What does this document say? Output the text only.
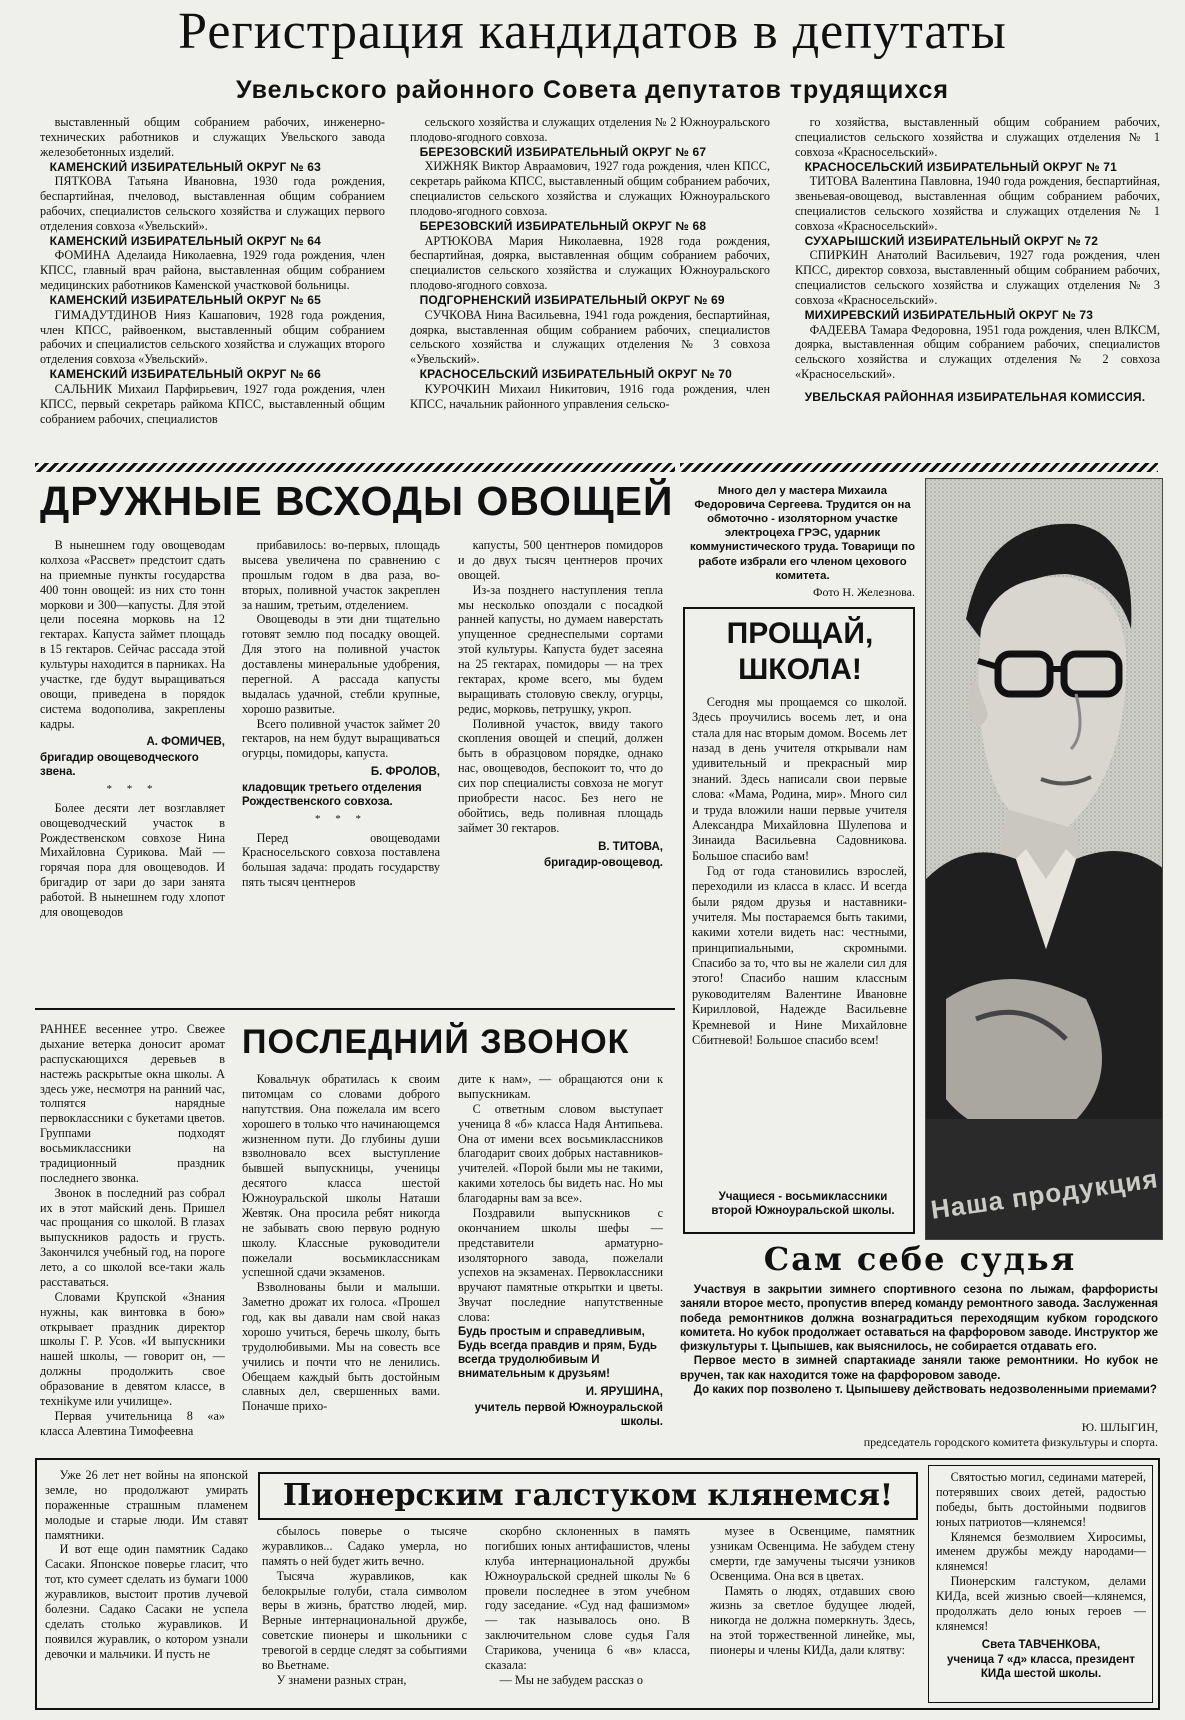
Регистрация кандидатов в депутаты
Увельского районного Совета депутатов трудящихся

выставленный общим собранием рабочих, инженерно-технических работников и служащих Увельского завода железобетонных изделий.

КАМЕНСКИЙ ИЗБИРАТЕЛЬНЫЙ ОКРУГ № 63

ПЯТКОВА Татьяна Ивановна, 1930 года рождения, беспартийная, пчеловод, выставленная общим собранием рабочих, специалистов сельского хозяйства и служащих первого отделения совхоза «Увельский».

КАМЕНСКИЙ ИЗБИРАТЕЛЬНЫЙ ОКРУГ № 64

ФОМИНА Аделаида Николаевна, 1929 года рождения, член КПСС, главный врач района, выставленная общим собранием медицинских работников Каменской участковой больницы.

КАМЕНСКИЙ ИЗБИРАТЕЛЬНЫЙ ОКРУГ № 65

ГИМАДУТДИНОВ Нияз Кашапович, 1928 года рождения, член КПСС, райвоенком, выставленный общим собранием рабочих и специалистов сельского хозяйства и служащих второго отделения совхоза «Увельский».

КАМЕНСКИЙ ИЗБИРАТЕЛЬНЫЙ ОКРУГ № 66

САЛЬНИК Михаил Парфирьевич, 1927 года рождения, член КПСС, первый секретарь райкома КПСС, выставленный общим собранием рабочих, специалистов

сельского хозяйства и служащих отделения № 2 Южноуральского плодово-ягодного совхоза.

БЕРЕЗОВСКИЙ ИЗБИРАТЕЛЬНЫЙ ОКРУГ № 67

ХИЖНЯК Виктор Авраамович, 1927 года рождения, член КПСС, секретарь райкома КПСС, выставленный общим собранием рабочих, специалистов сельского хозяйства и служащих Южноуральского плодово-ягодного совхоза.

БЕРЕЗОВСКИЙ ИЗБИРАТЕЛЬНЫЙ ОКРУГ № 68

АРТЮКОВА Мария Николаевна, 1928 года рождения, беспартийная, доярка, выставленная общим собранием рабочих, специалистов сельского хозяйства и служащих Южноуральского плодово-ягодного совхоза.

ПОДГОРНЕНСКИЙ ИЗБИРАТЕЛЬНЫЙ ОКРУГ № 69

СУЧКОВА Нина Васильевна, 1941 года рождения, беспартийная, доярка, выставленная общим собранием рабочих, специалистов сельского хозяйства и служащих отделения № 3 совхоза «Увельский».

КРАСНОСЕЛЬСКИЙ ИЗБИРАТЕЛЬНЫЙ ОКРУГ № 70

КУРОЧКИН Михаил Никитович, 1916 года рождения, член КПСС, начальник районного управления сельско-

го хозяйства, выставленный общим собранием рабочих, специалистов сельского хозяйства и служащих отделения № 1 совхоза «Красносельский».

КРАСНОСЕЛЬСКИЙ ИЗБИРАТЕЛЬНЫЙ ОКРУГ № 71

ТИТОВА Валентина Павловна, 1940 года рождения, беспартийная, звеньевая-овощевод, выставленная общим собранием рабочих, специалистов сельского хозяйства и служащих отделения № 1 совхоза «Красносельский».

СУХАРЫШСКИЙ ИЗБИРАТЕЛЬНЫЙ ОКРУГ № 72

СПИРКИН Анатолий Васильевич, 1927 года рождения, член КПСС, директор совхоза, выставленный общим собранием рабочих, специалистов сельского хозяйства и служащих отделения № 3 совхоза «Красносельский».

МИХИРЕВСКИЙ ИЗБИРАТЕЛЬНЫЙ ОКРУГ № 73

ФАДЕЕВА Тамара Федоровна, 1951 года рождения, член ВЛКСМ, доярка, выставленная общим собранием рабочих, специалистов сельского хозяйства и служащих отделения № 2 совхоза «Красносельский».

УВЕЛЬСКАЯ РАЙОННАЯ ИЗБИРАТЕЛЬНАЯ КОМИССИЯ.
ДРУЖНЫЕ ВСХОДЫ ОВОЩЕЙ

В нынешнем году овощеводам колхоза «Рассвет» предстоит сдать на приемные пункты государства 400 тонн овощей: из них сто тонн моркови и 300—капусты. Для этой цели посеяна морковь на 12 гектарах. Капуста займет площадь в 15 гектаров. Сейчас рассада этой культуры находится в парниках. На участке, где будут выращиваться овощи, приведена в порядок система водополива, закреплены кадры.

А. ФОМИЧЕВ,
бригадир овощеводческого звена.
* * *

Более десяти лет возглавляет овощеводческий участок в Рождественском совхозе Нина Михайловна Сурикова. Май — горячая пора для овощеводов. И бригадир от зари до зари занята работой. В нынешнем году хлопот для овощеводов

прибавилось: во-первых, площадь высева увеличена по сравнению с прошлым годом в два раза, во-вторых, поливной участок закреплен за нашим, третьим, отделением.

Овощеводы в эти дни тщательно готовят землю под посадку овощей. Для этого на поливной участок доставлены минеральные удобрения, перегной. А рассада капусты выдалась удачной, стебли крупные, хорошо развитые.

Всего поливной участок займет 20 гектаров, на нем будут выращиваться огурцы, помидоры, капуста.

Б. ФРОЛОВ,
кладовщик третьего отделения Рождественского совхоза.
* * *

Перед овощеводами Красносельского совхоза поставлена большая задача: продать государству пять тысяч центнеров

капусты, 500 центнеров помидоров и до двух тысяч центнеров прочих овощей.

Из-за позднего наступления тепла мы несколько опоздали с посадкой ранней капусты, но думаем наверстать упущенное среднеспелыми сортами этой культуры. Капуста будет засеяна на 25 гектарах, помидоры — на трех гектарах, кроме всего, мы будем выращивать столовую свеклу, огурцы, редис, морковь, петрушку, укроп.

Поливной участок, ввиду такого скопления овощей и специй, должен быть в образцовом порядке, однако нас, овощеводов, беспокоит то, что до сих пор специалисты совхоза не могут приобрести насос. Без него не обойтись, ведь поливная площадь займет 30 гектаров.

В. ТИТОВА,
бригадир-овощевод.
Много дел у мастера Михаила Федоровича Сергеева. Трудится он на обмоточно - изоляторном участке электроцеха ГРЭС, ударник коммунистического труда. Товарищи по работе избрали его членом цехового комитета.
Фото Н. Железнова.
Наша продукция
ПРОЩАЙ, ШКОЛА!

Сегодня мы прощаемся со школой. Здесь проучились восемь лет, и она стала для нас вторым домом. Восемь лет назад в день учителя открывали нам удивительный и прекрасный мир знаний. Здесь написали свои первые слова: «Мама, Родина, мир». Много сил и труда вложили наши первые учителя Александра Михайловна Шулепова и Зинаида Васильевна Садовникова. Большое спасибо вам!

Год от года становились взрослей, переходили из класса в класс. И всегда были рядом друзья и наставники-учителя. Мы постараемся быть такими, какими хотели видеть нас: честными, принципиальными, скромными. Спасибо за то, что вы не жалели сил для этого! Спасибо нашим классным руководителям Валентине Ивановне Кирилловой, Надежде Васильевне Кремневой и Нине Михайловне Сбитневой! Большое спасибо всем!

Учащиеся - восьмиклассники второй Южноуральской школы.

РАННЕЕ весеннее утро. Свежее дыхание ветерка доносит аромат распускающихся деревьев в настежь раскрытые окна школы. А здесь уже, несмотря на ранний час, толпятся нарядные первоклассники с букетами цветов. Группами подходят восьмиклассники на традиционный праздник последнего звонка.

Звонок в последний раз собрал их в этот майский день. Пришел час прощания со школой. В глазах выпускников радость и грусть. Закончился учебный год, на пороге лето, а со школой все-таки жаль расставаться.

Словами Крупской «Знания нужны, как винтовка в бою» открывает праздник директор школы Г. Р. Усов. «И выпускники нашей школы, — говорит он, — должны продолжить свое образование в девятом классе, в технikуме или училище».

Первая учительница 8 «а» класса Алевтина Тимофеевна

ПОСЛЕДНИЙ ЗВОНОК

Ковальчук обратилась к своим питомцам со словами доброго напутствия. Она пожелала им всего хорошего в только что начинающемся жизненном пути. До глубины души взволновало всех выступление бывшей выпускницы, ученицы десятого класса шестой Южноуральской школы Наташи Жевтяк. Она просила ребят никогда не забывать свою первую родную школу. Классные руководители пожелали восьмиклассникам успешной сдачи экзаменов.

Взволнованы были и малыши. Заметно дрожат их голоса. «Прошел год, как вы давали нам свой наказ хорошо учиться, беречь школу, быть трудолюбивыми. Мы на совесть все учились и почти что не ленились. Обещаем каждый быть достойным славных дел, свершенных вами. Поначше прихо-

дите к нам», — обращаются они к выпускникам.

С ответным словом выступает ученица 8 «б» класса Надя Антипьева. Она от имени всех восьмиклассников благодарит своих добрых наставников-учителей. «Порой были мы не такими, какими хотелось бы видеть нас. Но мы благодарны вам за все».

Поздравили выпускников с окончанием школы шефы — представители арматурно-изоляторного завода, пожелали успехов на экзаменах. Первоклассники вручают памятные открытки и цветы. Звучат последние напутственные слова:

Будь простым и справедливым, Будь всегда правдив и прям, Будь всегда трудолюбивым И внимательным к друзьям!

И. ЯРУШИНА,
учитель первой Южноуральской школы.
Сам себе судья

Участвуя в закрытии зимнего спортивного сезона по лыжам, фарфористы заняли второе место, пропустив вперед команду ремонтного завода. Заслуженная победа ремонтников должна вознаградиться переходящим кубком городского комитета. Но кубок продолжает оставаться на фарфоровом заводе. Инструктор же физкультуры т. Цыпышев, как выяснилось, не собирается отдавать его.

Первое место в зимней спартакиаде заняли также ремонтники. Но кубок не вручен, так как находится тоже на фарфоровом заводе.

До каких пор позволено т. Цыпышеву действовать недозволенными приемами?

Ю. ШЛЫГИН,
председатель городского комитета физкультуры и спорта.

Уже 26 лет нет войны на японской земле, но продолжают умирать пораженные страшным пламенем молодые и старые люди. Им ставят памятники.

И вот еще один памятник Садако Сасаки. Японское поверье гласит, что тот, кто сумеет сделать из бумаги 1000 журавликов, выстоит против лучевой болезни. Садако Сасаки не успела сделать столько журавликов. И появился журавлик, о котором узнали девочки и мальчики. И пусть не

Пионерским галстуком клянемся!

сбылось поверье о тысяче журавликов... Садако умерла, но память о ней будет жить вечно.

Тысяча журавликов, как белокрылые голуби, стала символом веры в жизнь, братство людей, мир. Верные интернациональной дружбе, советские пионеры и школьники с тревогой в сердце следят за событиями во Вьетнаме.

У знамени разных стран,

скорбно склоненных в память погибших юных антифашистов, члены клуба интернациональной дружбы Южноуральской средней школы № 6 провели последнее в этом учебном году заседание. «Суд над фашизмом» — так называлось оно. В заключительном слове судья Галя Старикова, ученица 6 «в» класса, сказала:

— Мы не забудем рассказ о

музее в Освенциме, памятник узникам Освенцима. Не забудем стену смерти, где замучены тысячи узников Освенцима. Она вся в цветах.

Память о людях, отдавших свою жизнь за светлое будущее людей, никогда не должна померкнуть. Здесь, на этой торжественной линейке, мы, пионеры и члены КИДа, дали клятву:

Святостью могил, сединами матерей, потерявших своих детей, радостью победы, быть достойными подвигов юных патриотов—клянемся!

Клянемся безмолвием Хиросимы, именем дружбы между народами—клянемся!

Пионерским галстуком, делами КИДа, всей жизнью своей—клянемся, продолжать дело юных героев — клянемся!

Света ТАВЧЕНКОВА,
ученица 7 «д» класса, президент КИДа шестой школы.
